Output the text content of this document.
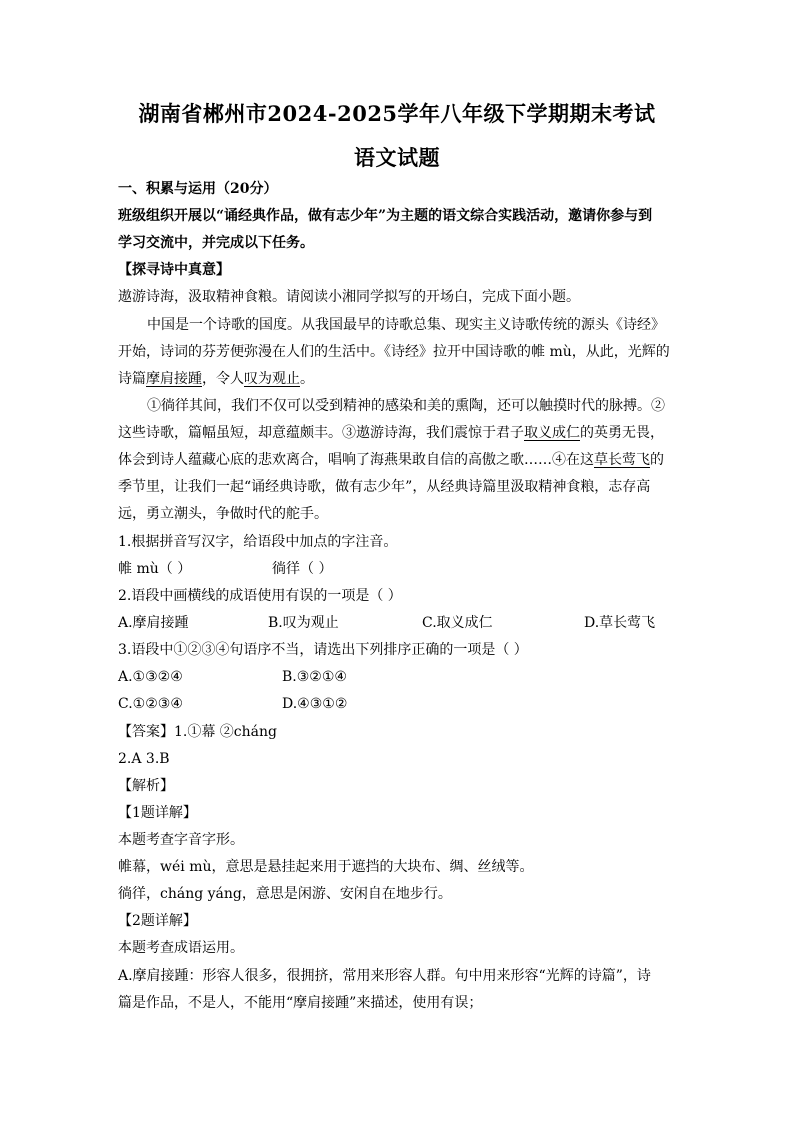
湖南省郴州市2024-2025学年八年级下学期期末考试
语文试题
一、积累与运用（20分）
班级组织开展以“诵经典作品，做有志少年”为主题的语文综合实践活动，邀请你参与到
学习交流中，并完成以下任务。
【探寻诗中真意】
遨游诗海，汲取精神食粮。请阅读小湘同学拟写的开场白，完成下面小题。
中国是一个诗歌的国度。从我国最早的诗歌总集、现实主义诗歌传统的源头《诗经》
开始，诗词的芬芳便弥漫在人们的生活中。《诗经》拉开中国诗歌的帷 mù，从此，光辉的
诗篇摩肩接踵，令人叹为观止。
①徜徉其间，我们不仅可以受到精神的感染和美的熏陶，还可以触摸时代的脉搏。②
这些诗歌，篇幅虽短，却意蕴颇丰。③遨游诗海，我们震惊于君子取义成仁的英勇无畏，
体会到诗人蕴藏心底的悲欢离合，唱响了海燕果敢自信的高傲之歌……④在这草长莺飞的
季节里，让我们一起“诵经典诗歌，做有志少年”，从经典诗篇里汲取精神食粮，志存高
远，勇立潮头，争做时代的舵手。
1.根据拼音写汉字，给语段中加点的字注音。
帷 mù（ ）	徜徉（ ）
2.语段中画横线的成语使用有误的一项是（ ）
A.摩肩接踵	B.叹为观止	C.取义成仁	D.草长莺飞
3.语段中①②③④句语序不当，请选出下列排序正确的一项是（ ）
A.①③②④	B.③②①④
C.①②③④	D.④③①②
【答案】1.①幕 ②cháng
2.A 3.B
【解析】
【1题详解】
本题考查字音字形。
帷幕，wéi mù，意思是悬挂起来用于遮挡的大块布、绸、丝绒等。
徜徉，cháng yáng，意思是闲游、安闲自在地步行。
【2题详解】
本题考查成语运用。
A.摩肩接踵：形容人很多，很拥挤，常用来形容人群。句中用来形容“光辉的诗篇”，诗
篇是作品，不是人，不能用“摩肩接踵”来描述，使用有误；
